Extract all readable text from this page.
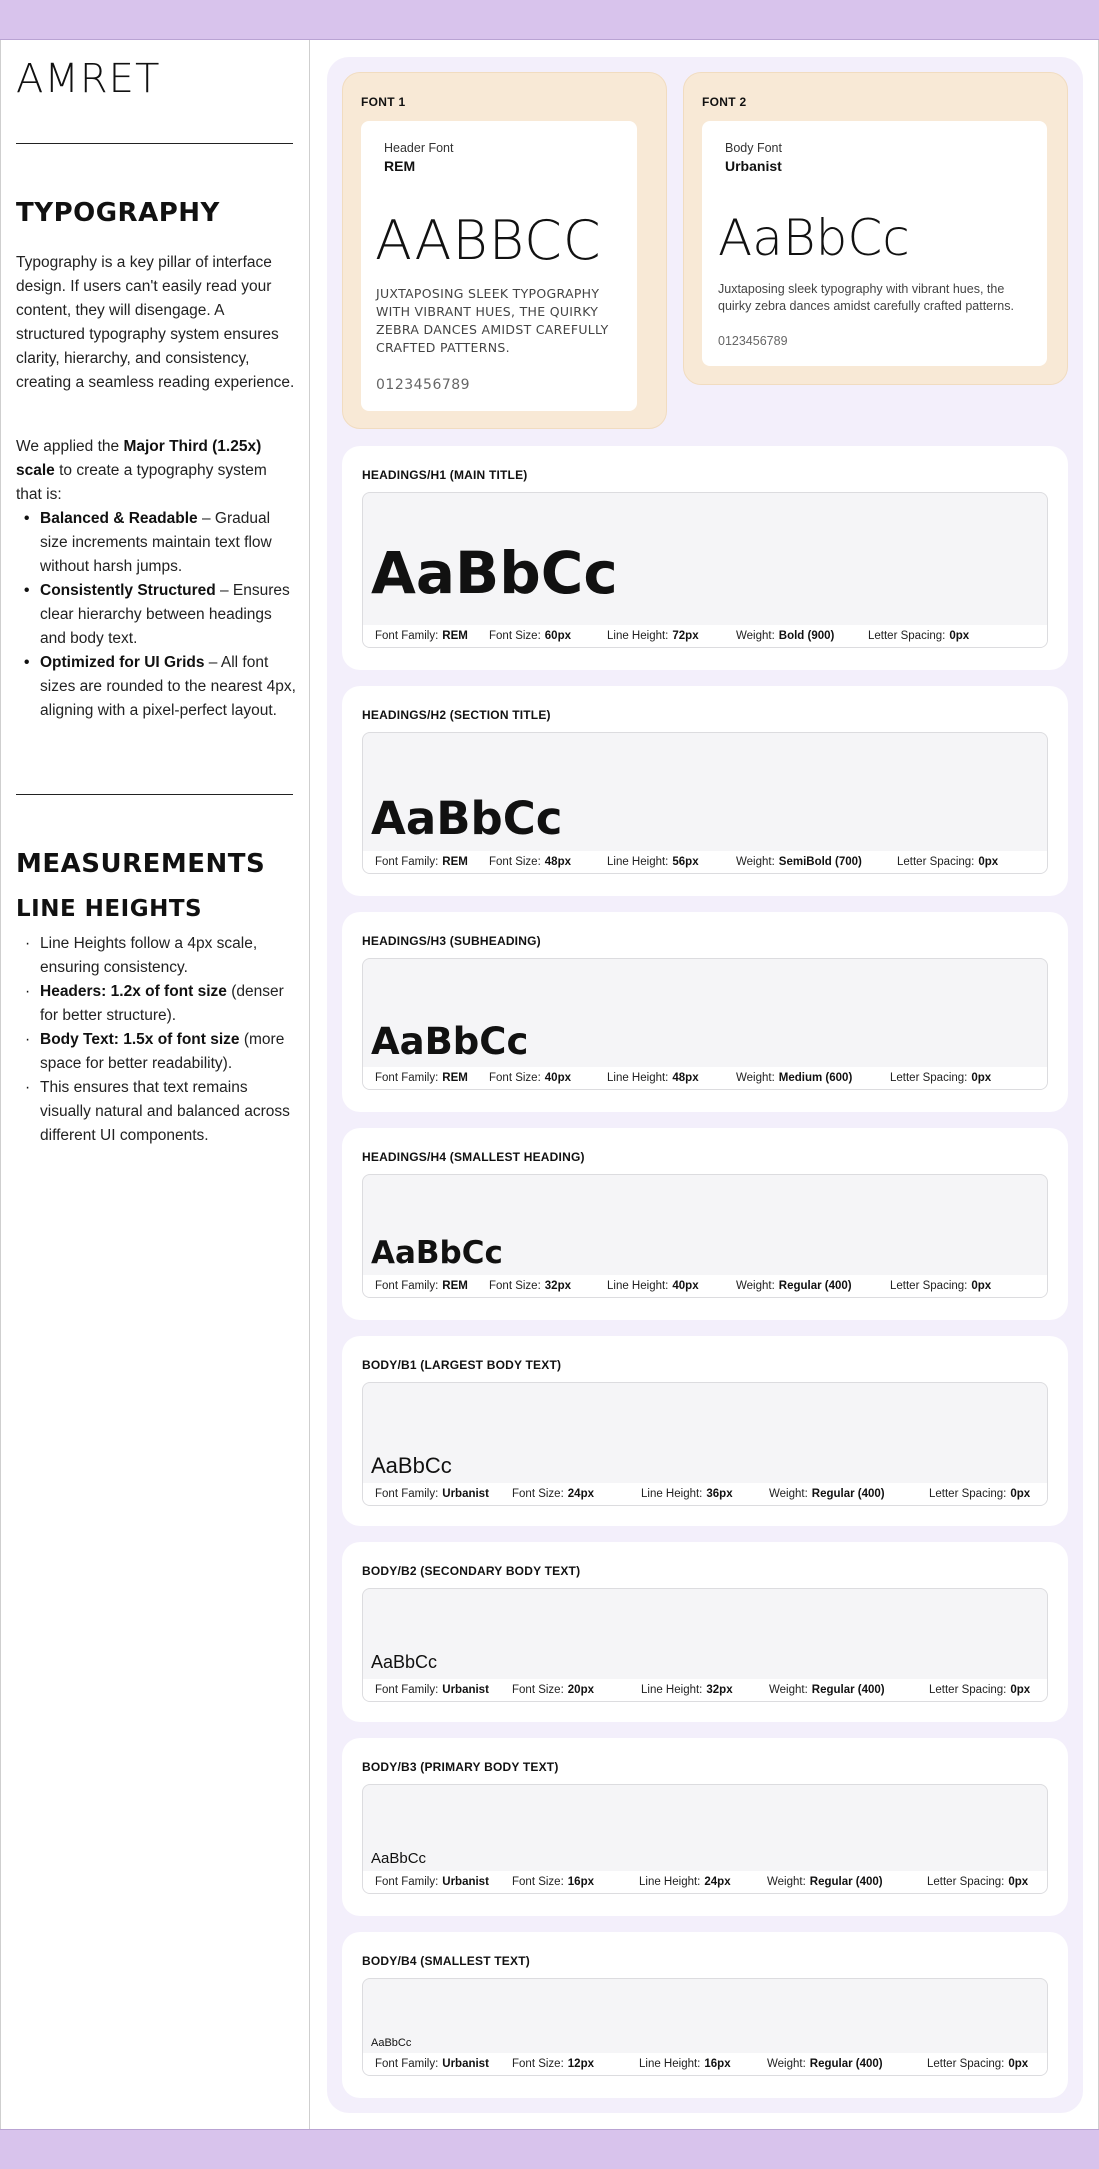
AMRET
TYPOGRAPHY
Typography is a key pillar of interface design. If users can't easily read your content, they will disengage. A structured typography system ensures clarity, hierarchy, and consistency, creating a seamless reading experience.
We applied the Major Third (1.25x) scale to create a typography system that is:
• Balanced & Readable – Gradual size increments maintain text flow without harsh jumps.
• Consistently Structured – Ensures clear hierarchy between headings and body text.
• Optimized for UI Grids – All font sizes are rounded to the nearest 4px, aligning with a pixel-perfect layout.
MEASUREMENTS
LINE HEIGHTS
· Line Heights follow a 4px scale, ensuring consistency.
· Headers: 1.2x of font size (denser for better structure).
· Body Text: 1.5x of font size (more space for better readability).
· This ensures that text remains visually natural and balanced across different UI components.
FONT 1
Header Font
REM
AABBCC
JUXTAPOSING SLEEK TYPOGRAPHY WITH VIBRANT HUES, THE QUIRKY ZEBRA DANCES AMIDST CAREFULLY CRAFTED PATTERNS.
0123456789
FONT 2
Body Font
Urbanist
AaBbCc
Juxtaposing sleek typography with vibrant hues, the quirky zebra dances amidst carefully crafted patterns.
0123456789
HEADINGS/H1 (MAIN TITLE)
AaBbCc
Font Family: REM Font Size: 60px	Line Height: 72px	Weight: Bold (900)	Letter Spacing: 0px
HEADINGS/H2 (SECTION TITLE)
AaBbCc
Font Family: REM Font Size: 48px	Line Height: 56px	Weight: SemiBold (700)	Letter Spacing: 0px
HEADINGS/H3 (SUBHEADING)
AaBbCc
Font Family: REM Font Size: 40px	Line Height: 48px	Weight: Medium (600)	Letter Spacing: 0px
HEADINGS/H4 (SMALLEST HEADING)
AaBbCc
Font Family: REM Font Size: 32px	Line Height: 40px	Weight: Regular (400)	Letter Spacing: 0px
BODY/B1 (LARGEST BODY TEXT)
AaBbCc
Font Family: Urbanist Font Size: 24px	Line Height: 36px	Weight: Regular (400)	Letter Spacing: 0px
BODY/B2 (SECONDARY BODY TEXT)
AaBbCc
Font Family: Urbanist Font Size: 20px	Line Height: 32px	Weight: Regular (400)	Letter Spacing: 0px
BODY/B3 (PRIMARY BODY TEXT)
AaBbCc
Font Family: Urbanist Font Size: 16px	Line Height: 24px	Weight: Regular (400)	Letter Spacing: 0px
BODY/B4 (SMALLEST TEXT)
AaBbCc
Font Family: Urbanist Font Size: 12px	Line Height: 16px	Weight: Regular (400)	Letter Spacing: 0px
